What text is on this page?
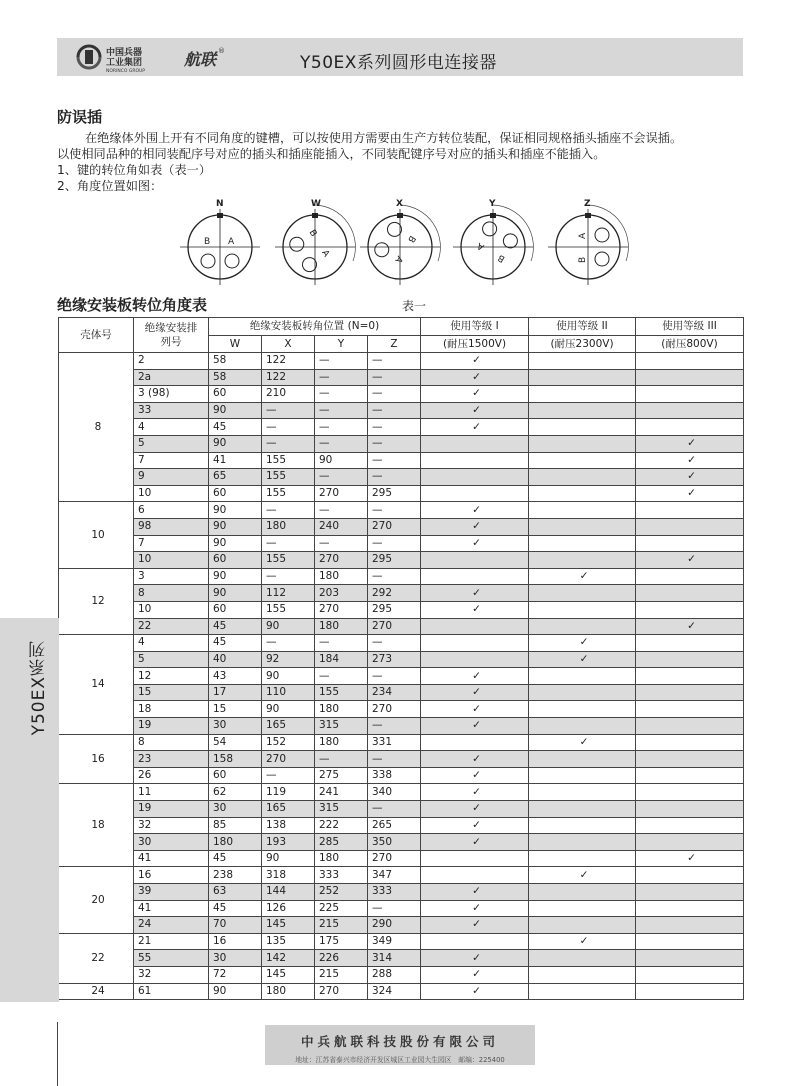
中国兵器
工业集团
NORINCO GROUP
航联 ®
Y50EX系列圆形电连接器
防误插
在绝缘体外围上开有不同角度的键槽，可以按使用方需要由生产方转位装配，保证相同规格插头插座不会误插。
以使相同品种的相同装配序号对应的插头和插座能插入，不同装配键序号对应的插头和插座不能插入。
1、键的转位角如表（表一）
2、角度位置如图：
B A
N
B
A
W
B
A
X
B
A
Y
B
A
Z
绝缘安装板转位角度表	表一
壳体号	绝缘安装排列号	绝缘安装板转角位置 (N=0)				使用等级 I	使用等级 II	使用等级 III
		W	X	Y	Z	(耐压1500V)	(耐压2300V)	(耐压800V)
8	2	58	122	—	—	✓		
	2a	58	122	—	—	✓		
	3 (98)	60	210	—	—	✓		
	33	90	—	—	—	✓		
	4	45	—	—	—	✓		
	5	90	—	—	—			✓
	7	41	155	90	—			✓
	9	65	155	—	—			✓
	10	60	155	270	295			✓
10	6	90	—	—	—	✓		
	98	90	180	240	270	✓		
	7	90	—	—	—	✓		
	10	60	155	270	295			✓
12	3	90	—	180	—		✓	
	8	90	112	203	292	✓		
	10	60	155	270	295	✓		
	22	45	90	180	270			✓
14	4	45	—	—	—		✓	
	5	40	92	184	273		✓	
	12	43	90	—	—	✓		
	15	17	110	155	234	✓		
	18	15	90	180	270	✓		
	19	30	165	315	—	✓		
16	8	54	152	180	331		✓	
	23	158	270	—	—	✓		
	26	60	—	275	338	✓		
18	11	62	119	241	340	✓		
	19	30	165	315	—	✓		
	32	85	138	222	265	✓		
	30	180	193	285	350	✓		
	41	45	90	180	270			✓
20	16	238	318	333	347		✓	
	39	63	144	252	333	✓		
	41	45	126	225	—	✓		
	24	70	145	215	290	✓		
22	21	16	135	175	349		✓	
	55	30	142	226	314	✓		
	32	72	145	215	288	✓		
24	61	90	180	270	324	✓		
Y50EX系列
中兵航联科技股份有限公司
地址：江苏省泰兴市经济开发区城区工业园大生园区　邮编：225400
